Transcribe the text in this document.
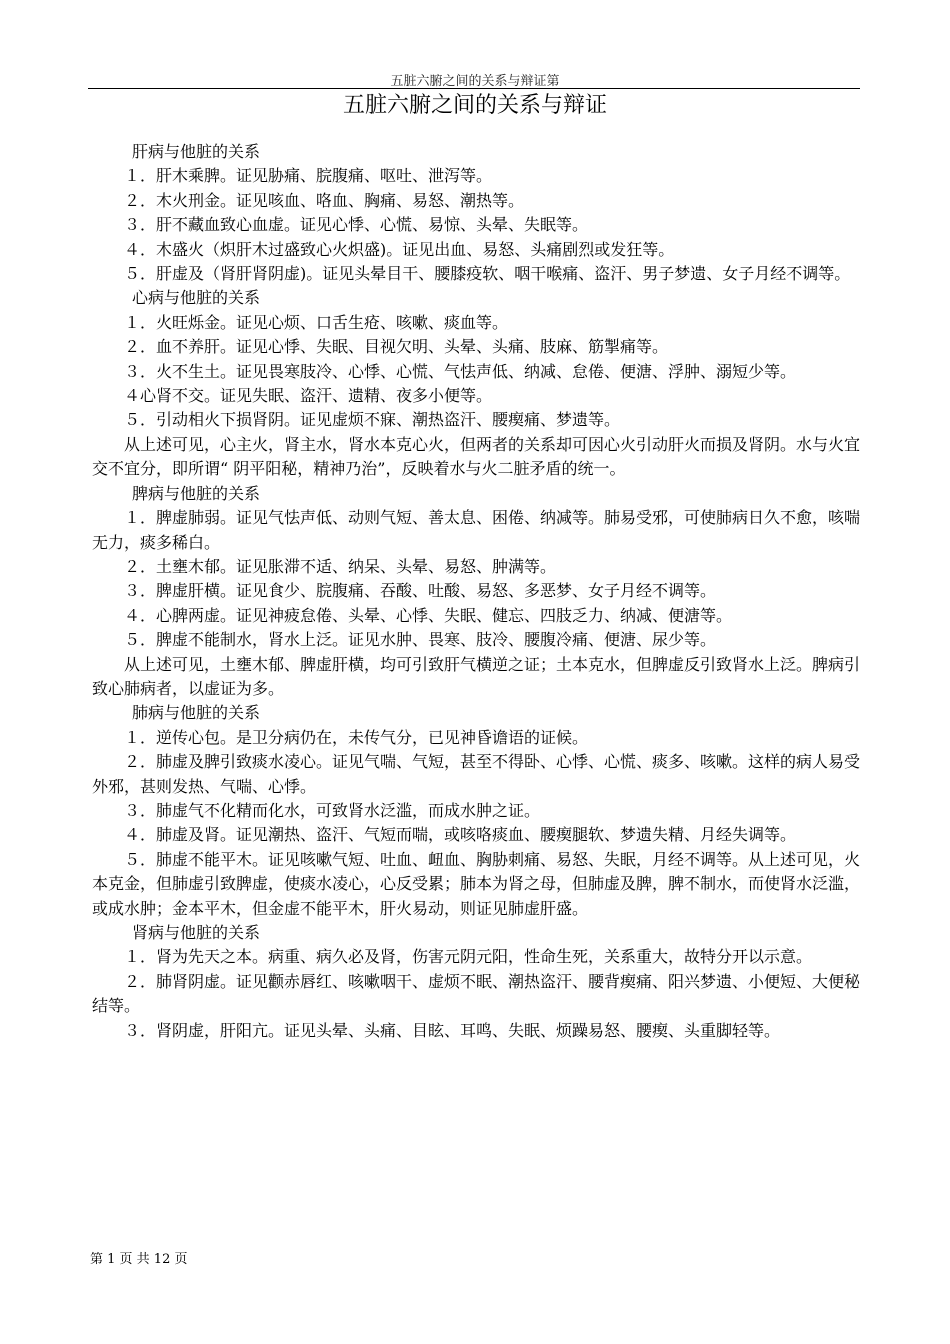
五脏六腑之间的关系与辩证第
五脏六腑之间的关系与辩证

肝病与他脏的关系

１．肝木乘脾。证见胁痛、脘腹痛、呕吐、泄泻等。

２．木火刑金。证见咳血、咯血、胸痛、易怒、潮热等。

３．肝不藏血致心血虚。证见心悸、心慌、易惊、头晕、失眠等。

４．木盛火（炽肝木过盛致心火炽盛)。证见出血、易怒、头痛剧烈或发狂等。

５．肝虚及（肾肝肾阴虚)。证见头晕目干、腰膝疫软、咽干喉痛、盗汗、男子梦遗、女子月经不调等。

心病与他脏的关系

１．火旺烁金。证见心烦、口舌生疮、咳嗽、痰血等。

２．血不养肝。证见心悸、失眠、目视欠明、头晕、头痛、肢麻、筋掣痛等。

３．火不生土。证见畏寒肢冷、心悸、心慌、气怯声低、纳减、怠倦、便溏、浮肿、溺短少等。

４心肾不交。证见失眠、盗汗、遗精、夜多小便等。

５．引动相火下损肾阴。证见虚烦不寐、潮热盗汗、腰瘈痛、梦遗等。

从上述可见，心主火，肾主水，肾水本克心火，但两者的关系却可因心火引动肝火而损及肾阴。水与火宜交不宜分，即所谓“ 阴平阳秘，精神乃治”，反映着水与火二脏矛盾的统一。

脾病与他脏的关系

１．脾虚肺弱。证见气怯声低、动则气短、善太息、困倦、纳减等。肺易受邪，可使肺病日久不愈，咳喘无力，痰多稀白。

２．土壅木郁。证见胀滞不适、纳呆、头晕、易怒、肿满等。

３．脾虚肝横。证见食少、脘腹痛、吞酸、吐酸、易怒、多恶梦、女子月经不调等。

４．心脾两虚。证见神疲怠倦、头晕、心悸、失眠、健忘、四肢乏力、纳减、便溏等。

５．脾虚不能制水，肾水上泛。证见水肿、畏寒、肢冷、腰腹冷痛、便溏、尿少等。

从上述可见，土壅木郁、脾虚肝横，均可引致肝气横逆之证；土本克水，但脾虚反引致肾水上泛。脾病引致心肺病者，以虚证为多。

肺病与他脏的关系

１．逆传心包。是卫分病仍在，未传气分，已见神昏谵语的证候。

２．肺虚及脾引致痰水凌心。证见气喘、气短，甚至不得卧、心悸、心慌、痰多、咳嗽。这样的病人易受外邪，甚则发热、气喘、心悸。

３．肺虚气不化精而化水，可致肾水泛滥，而成水肿之证。

４．肺虚及肾。证见潮热、盗汗、气短而喘，或咳咯痰血、腰瘈腿软、梦遗失精、月经失调等。

５．肺虚不能平木。证见咳嗽气短、吐血、衄血、胸胁刺痛、易怒、失眠，月经不调等。从上述可见，火本克金，但肺虚引致脾虚，使痰水凌心，心反受累；肺本为肾之母，但肺虚及脾，脾不制水，而使肾水泛滥，或成水肿；金本平木，但金虚不能平木，肝火易动，则证见肺虚肝盛。

肾病与他脏的关系

１．肾为先天之本。病重、病久必及肾，伤害元阴元阳，性命生死，关系重大，故特分开以示意。

２．肺肾阴虚。证见颧赤唇红、咳嗽咽干、虚烦不眠、潮热盗汗、腰背瘈痛、阳兴梦遗、小便短、大便秘结等。

３．肾阴虚，肝阳亢。证见头晕、头痛、目眩、耳鸣、失眠、烦躁易怒、腰瘈、头重脚轻等。

第 1 页 共 12 页
